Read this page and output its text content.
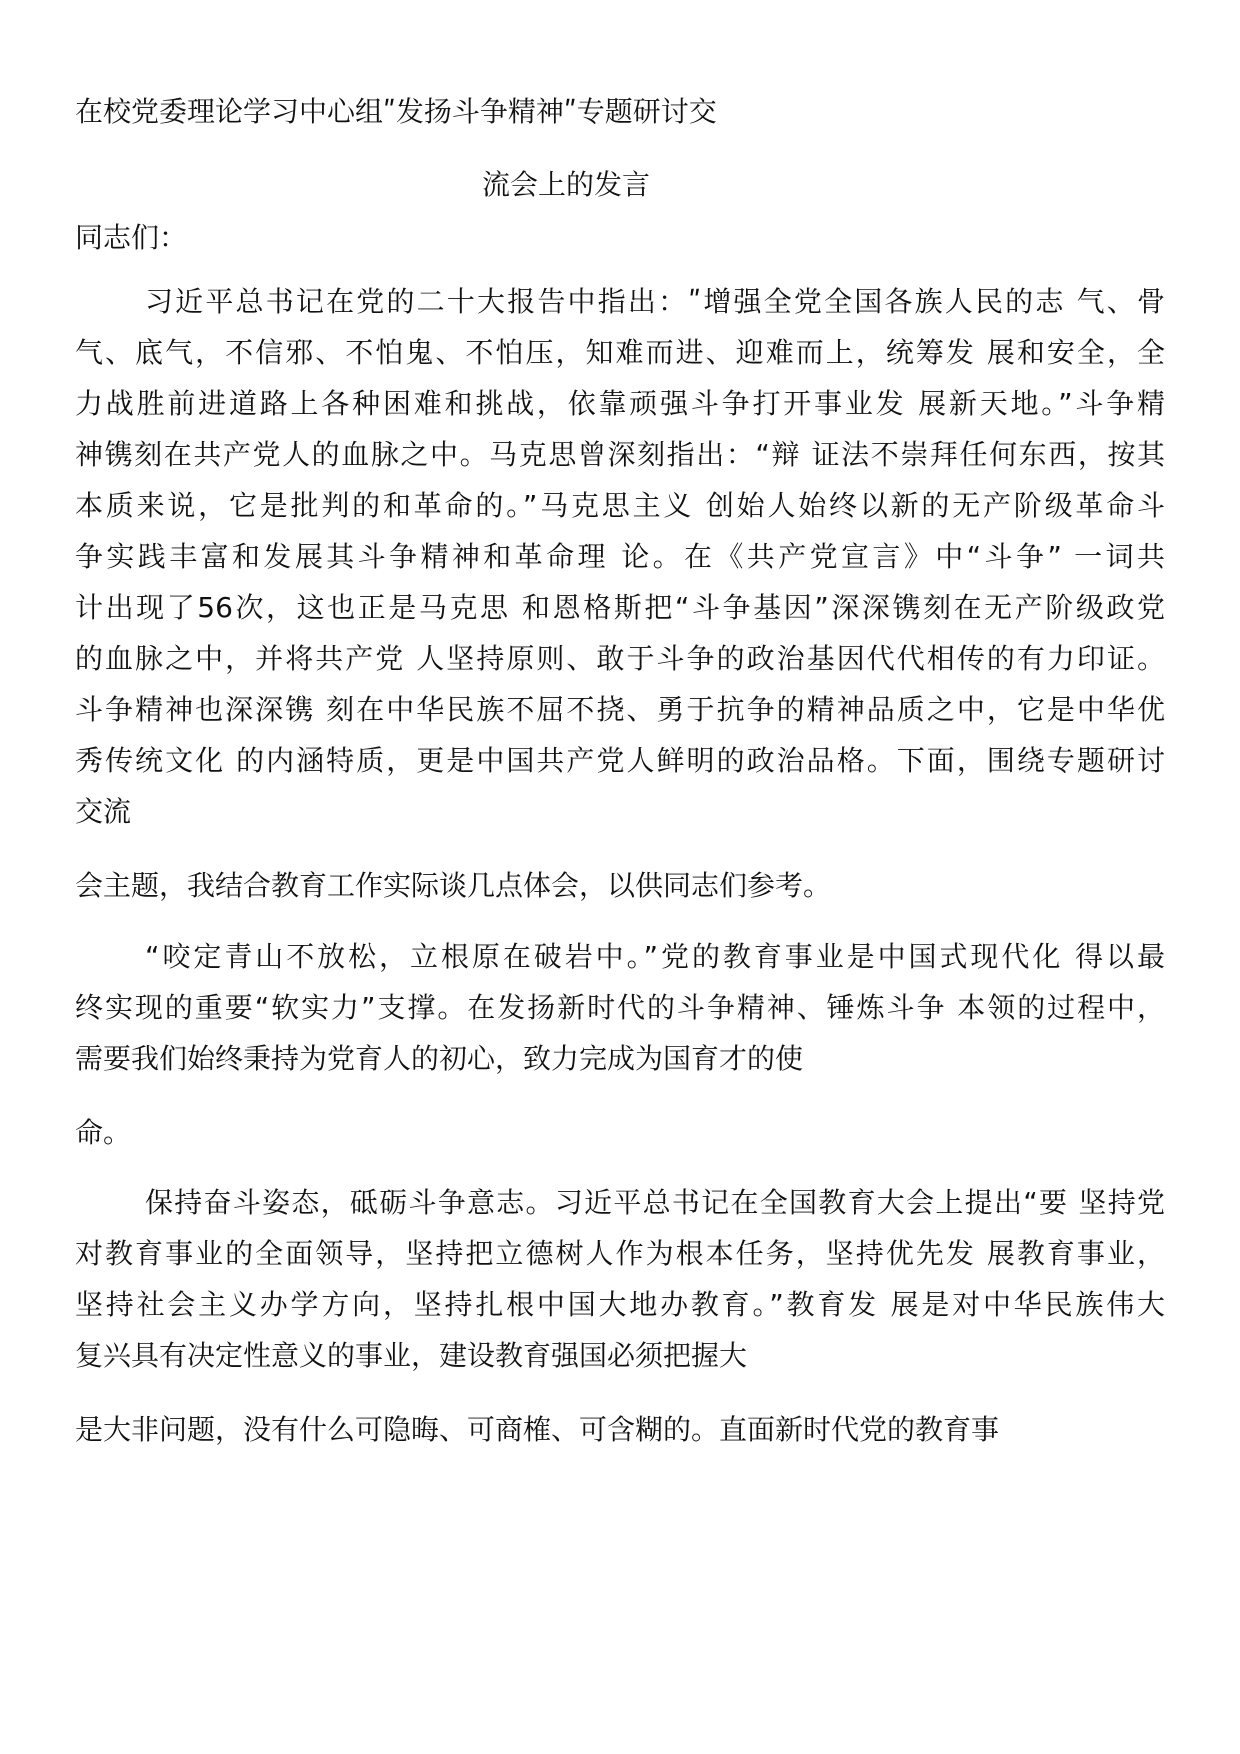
在校党委理论学习中心组ʺ发扬斗争精神ʺ专题研讨交
流会上的发言
同志们：
习近平总书记在党的二十大报告中指出：ʺ增强全党全国各族人民的志 气、骨
气、底气，不信邪、不怕鬼、不怕压，知难而进、迎难而上，统筹发 展和安全，全
力战胜前进道路上各种困难和挑战，依靠顽强斗争打开事业发 展新天地。”斗争精
神镌刻在共产党人的血脉之中。马克思曾深刻指出：“辩 证法不崇拜任何东西，按其
本质来说，它是批判的和革命的。”马克思主义 创始人始终以新的无产阶级革命斗
争实践丰富和发展其斗争精神和革命理 论。在《共产党宣言》中“斗争” 一词共
计出现了56次，这也正是马克思 和恩格斯把“斗争基因”深深镌刻在无产阶级政党
的血脉之中，并将共产党 人坚持原则、敢于斗争的政治基因代代相传的有力印证。
斗争精神也深深镌 刻在中华民族不屈不挠、勇于抗争的精神品质之中，它是中华优
秀传统文化 的内涵特质，更是中国共产党人鲜明的政治品格。下面，围绕专题研讨
交流
会主题，我结合教育工作实际谈几点体会，以供同志们参考。
“咬定青山不放松，立根原在破岩中。”党的教育事业是中国式现代化 得以最
终实现的重要“软实力”支撑。在发扬新时代的斗争精神、锤炼斗争 本领的过程中，
需要我们始终秉持为党育人的初心，致力完成为国育才的使
命。
保持奋斗姿态，砥砺斗争意志。习近平总书记在全国教育大会上提出“要 坚持党
对教育事业的全面领导，坚持把立德树人作为根本任务，坚持优先发 展教育事业，
坚持社会主义办学方向，坚持扎根中国大地办教育。”教育发 展是对中华民族伟大
复兴具有决定性意义的事业，建设教育强国必须把握大
是大非问题，没有什么可隐晦、可商榷、可含糊的。直面新时代党的教育事
